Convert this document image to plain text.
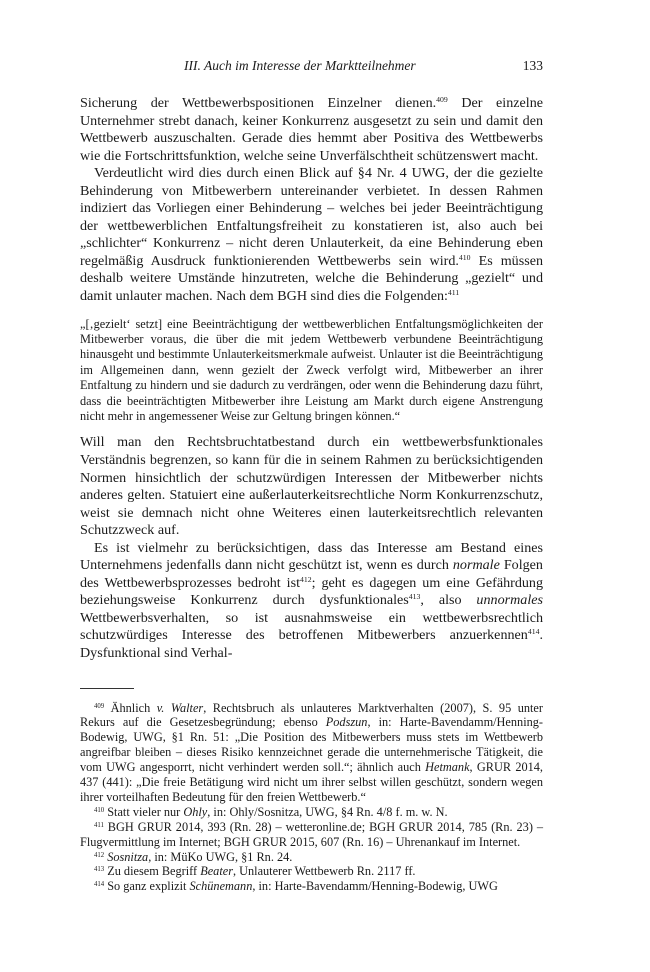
III. Auch im Interesse der Marktteilnehmer	133

Sicherung der Wettbewerbspositionen Einzelner dienen.$^{409}$ Der einzelne Unternehmer strebt danach, keiner Konkurrenz ausgesetzt zu sein und damit den Wettbewerb auszuschalten. Gerade dies hemmt aber Positiva des Wettbewerbs wie die Fortschrittsfunktion, welche seine Unverfälschtheit schützenswert macht.

Verdeutlicht wird dies durch einen Blick auf §4 Nr. 4 UWG, der die gezielte Behinderung von Mitbewerbern untereinander verbietet. In dessen Rahmen indiziert das Vorliegen einer Behinderung – welches bei jeder Beeinträchtigung der wettbewerblichen Entfaltungsfreiheit zu konstatieren ist, also auch bei „schlichter“ Konkurrenz – nicht deren Unlauterkeit, da eine Behinderung eben regelmäßig Ausdruck funktionierenden Wettbewerbs sein wird.$^{410}$ Es müssen deshalb weitere Umstände hinzutreten, welche die Behinderung „gezielt“ und damit unlauter machen. Nach dem BGH sind dies die Folgenden:$^{411}$

„[‚gezielt‘ setzt] eine Beeinträchtigung der wettbewerblichen Entfaltungsmöglichkeiten der Mitbewerber voraus, die über die mit jedem Wettbewerb verbundene Beeinträchtigung hinausgeht und bestimmte Unlauterkeitsmerkmale aufweist. Unlauter ist die Beeinträchtigung im Allgemeinen dann, wenn gezielt der Zweck verfolgt wird, Mitbewerber an ihrer Entfaltung zu hindern und sie dadurch zu verdrängen, oder wenn die Behinderung dazu führt, dass die beeinträchtigten Mitbewerber ihre Leistung am Markt durch eigene Anstrengung nicht mehr in angemessener Weise zur Geltung bringen können.“

Will man den Rechtsbruchtatbestand durch ein wettbewerbsfunktionales Verständnis begrenzen, so kann für die in seinem Rahmen zu berücksichtigenden Normen hinsichtlich der schutzwürdigen Interessen der Mitbewerber nichts anderes gelten. Statuiert eine außerlauterkeitsrechtliche Norm Konkurrenzschutz, weist sie demnach nicht ohne Weiteres einen lauterkeitsrechtlich relevanten Schutzzweck auf.

Es ist vielmehr zu berücksichtigen, dass das Interesse am Bestand eines Unternehmens jedenfalls dann nicht geschützt ist, wenn es durch normale Folgen des Wettbewerbsprozesses bedroht ist$^{412}$; geht es dagegen um eine Gefährdung beziehungsweise Konkurrenz durch dysfunktionales$^{413}$, also unnormales Wettbewerbsverhalten, so ist ausnahmsweise ein wettbewerbsrechtlich schutzwürdiges Interesse des betroffenen Mitbewerbers anzuerkennen$^{414}$. Dysfunktional sind Verhal-

$^{409}$ Ähnlich v. Walter, Rechtsbruch als unlauteres Marktverhalten (2007), S. 95 unter Rekurs auf die Gesetzesbegründung; ebenso Podszun, in: Harte-Bavendamm/Henning-Bodewig, UWG, §1 Rn. 51: „Die Position des Mitbewerbers muss stets im Wettbewerb angreifbar bleiben – dieses Risiko kennzeichnet gerade die unternehmerische Tätigkeit, die vom UWG angesporrt, nicht verhindert werden soll.“; ähnlich auch Hetmank, GRUR 2014, 437 (441): „Die freie Betätigung wird nicht um ihrer selbst willen geschützt, sondern wegen ihrer vorteilhaften Bedeutung für den freien Wettbewerb.“

$^{410}$ Statt vieler nur Ohly, in: Ohly/Sosnitza, UWG, §4 Rn. 4/8 f. m. w. N.

$^{411}$ BGH GRUR 2014, 393 (Rn. 28) – wetteronline.de; BGH GRUR 2014, 785 (Rn. 23) – Flugvermittlung im Internet; BGH GRUR 2015, 607 (Rn. 16) – Uhrenankauf im Internet.

$^{412}$ Sosnitza, in: MüKo UWG, §1 Rn. 24.

$^{413}$ Zu diesem Begriff Beater, Unlauterer Wettbewerb Rn. 2117 ff.

$^{414}$ So ganz explizit Schünemann, in: Harte-Bavendamm/Henning-Bodewig, UWG
